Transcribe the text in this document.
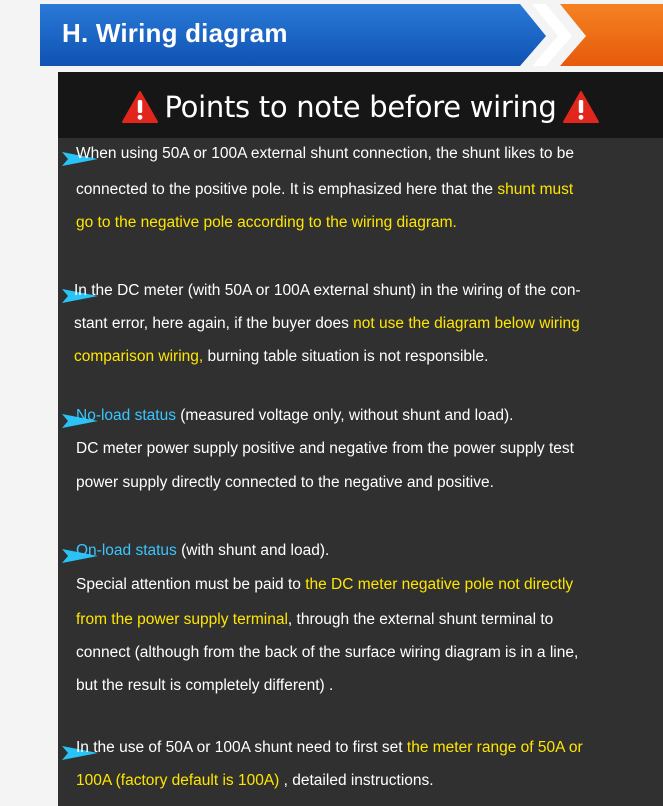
H. Wiring diagram
Points to note before wiring
When using 50A or 100A external shunt connection, the shunt likes to be
connected to the positive pole. It is emphasized here that the shunt must
go to the negative pole according to the wiring diagram.
In the DC meter (with 50A or 100A external shunt) in the wiring of the con-
stant error, here again, if the buyer does not use the diagram below wiring
comparison wiring, burning table situation is not responsible.
No-load status (measured voltage only, without shunt and load).
DC meter power supply positive and negative from the power supply test
power supply directly connected to the negative and positive.
On-load status (with shunt and load).
Special attention must be paid to the DC meter negative pole not directly
from the power supply terminal, through the external shunt terminal to
connect (although from the back of the surface wiring diagram is in a line,
but the result is completely different) .
In the use of 50A or 100A shunt need to first set the meter range of 50A or
100A (factory default is 100A) , detailed instructions.
